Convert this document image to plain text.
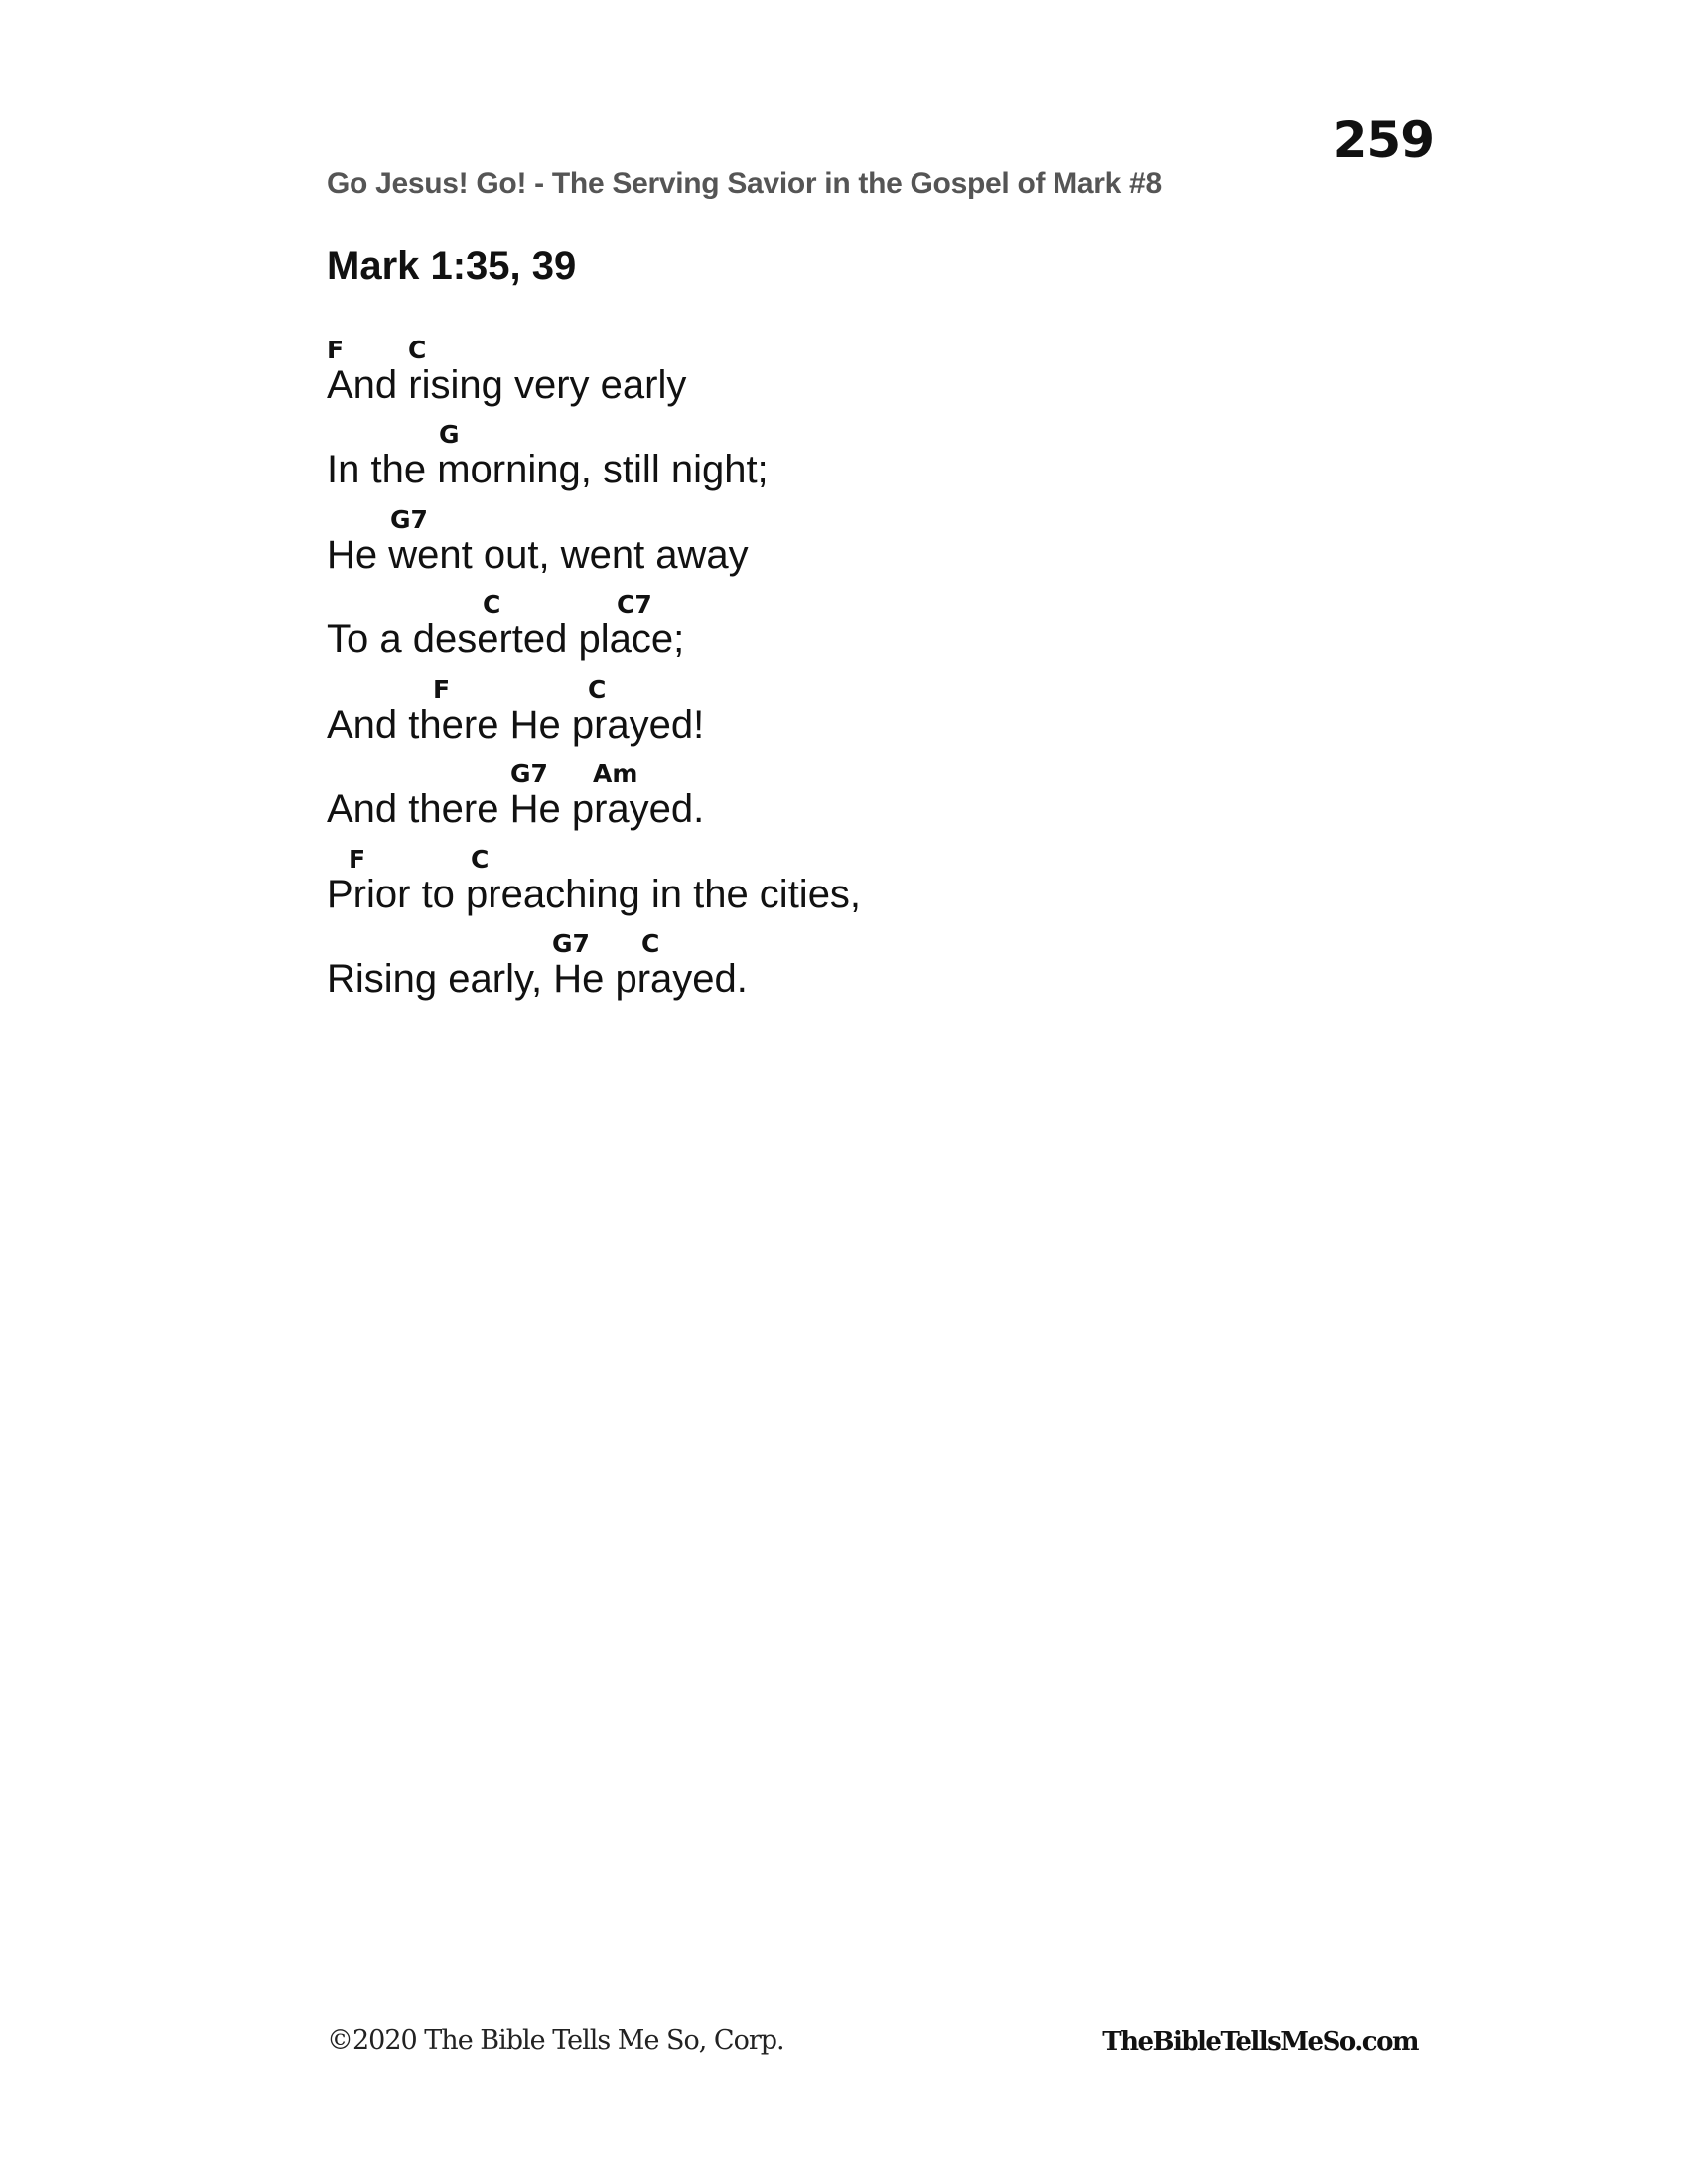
259
Go Jesus! Go! - The Serving Savior in the Gospel of Mark #8
Mark 1:35, 39
F	C
And rising very early
G
In the morning, still night;
G7
He went out, went away
C	C7
To a deserted place;
F	C
And there He prayed!
G7 Am
And there He prayed.
F	C
Prior to preaching in the cities,
G7 C
Rising early, He prayed.
©2020 The Bible Tells Me So, Corp.	TheBibleTellsMeSo.com
